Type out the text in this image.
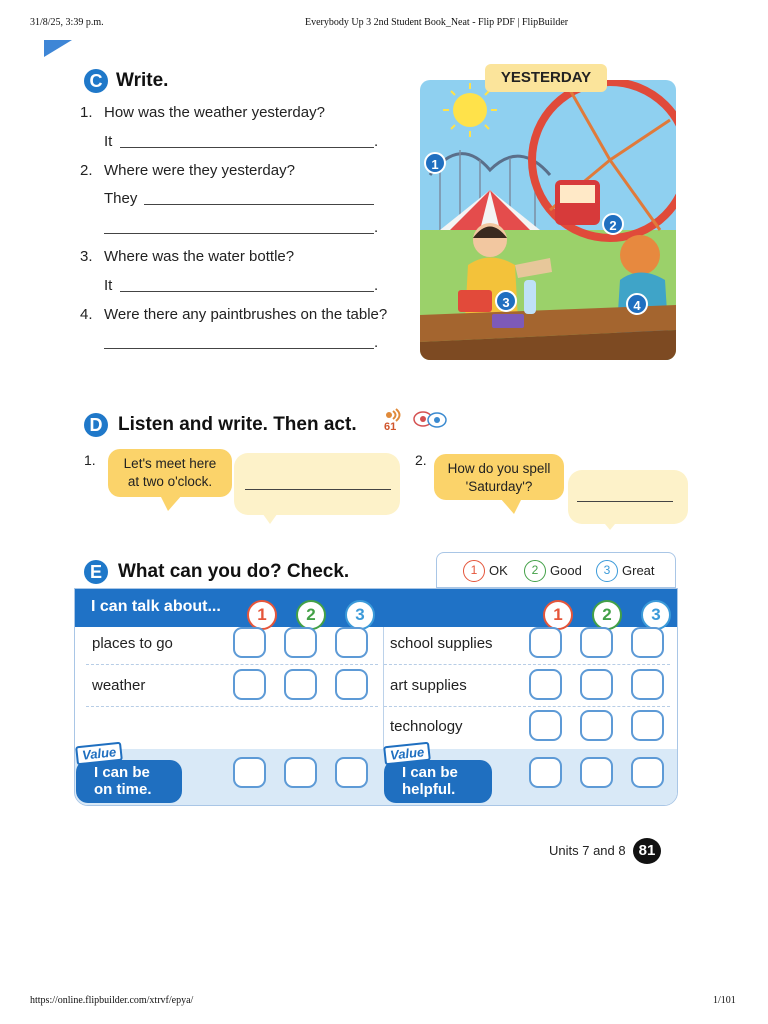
31/8/25, 3:39 p.m.	Everybody Up 3 2nd Student Book_Neat - Flip PDF | FlipBuilder
C Write.
1. How was the weather yesterday?
It	.
2. Where were they yesterday?
They
.
3. Where was the water bottle?
It	.
4. Were there any paintbrushes on the table?
.
YESTERDAY
1
2
3	4
D Listen and write. Then act. 61
1.	Let's meet here
at two o'clock.
2.
How do you spell
'Saturday'?
E What can you do? Check.	1 OK	2 Good	3 Great
I can talk about...	1	2	3	1	2	3
places to go
weather
school supplies
art supplies
technology
I can be
on time.
Value
I can be
helpful.
Value
Units 7 and 8 81
https://online.flipbuilder.com/xtrvf/epya/	1/101
